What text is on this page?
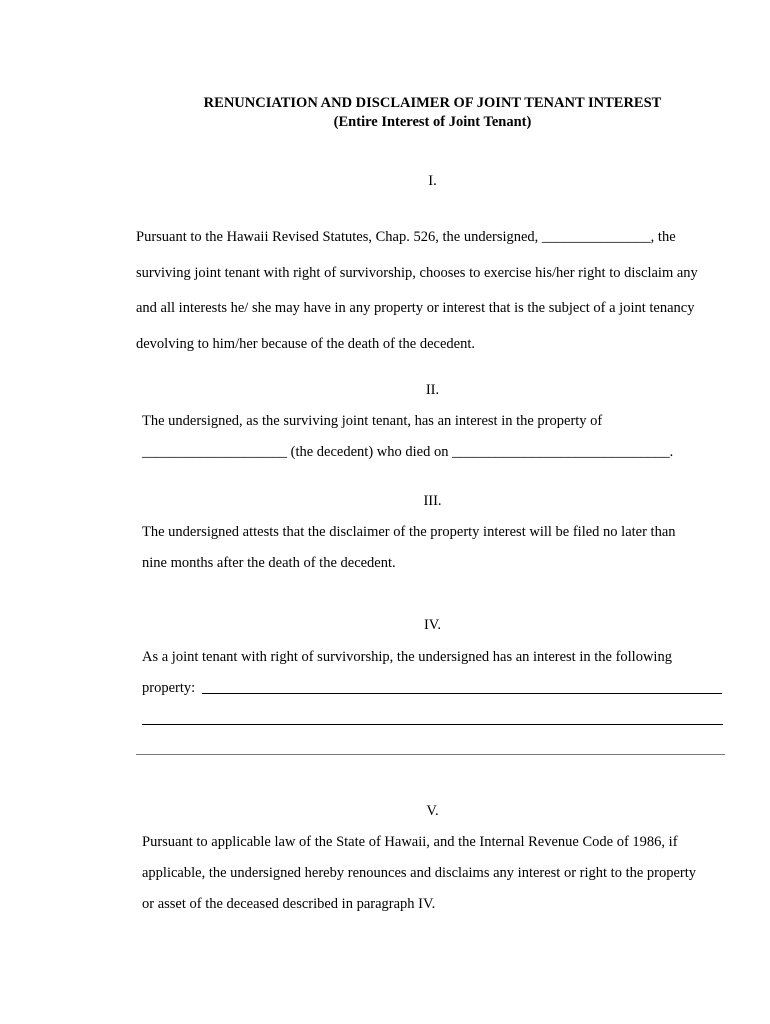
RENUNCIATION AND DISCLAIMER OF JOINT TENANT INTEREST
(Entire Interest of Joint Tenant)
I.
Pursuant to the Hawaii Revised Statutes, Chap. 526, the undersigned, _______________, the
surviving joint tenant with right of survivorship, chooses to exercise his/her right to disclaim any
and all interests he/ she may have in any property or interest that is the subject of a joint tenancy
devolving to him/her because of the death of the decedent.
II.
The undersigned, as the surviving joint tenant, has an interest in the property of
____________________ (the decedent) who died on ______________________________.
III.
The undersigned attests that the disclaimer of the property interest will be filed no later than
nine months after the death of the decedent.
IV.
As a joint tenant with right of survivorship, the undersigned has an interest in the following
property:
V.
Pursuant to applicable law of the State of Hawaii, and the Internal Revenue Code of 1986, if
applicable, the undersigned hereby renounces and disclaims any interest or right to the property
or asset of the deceased described in paragraph IV.
